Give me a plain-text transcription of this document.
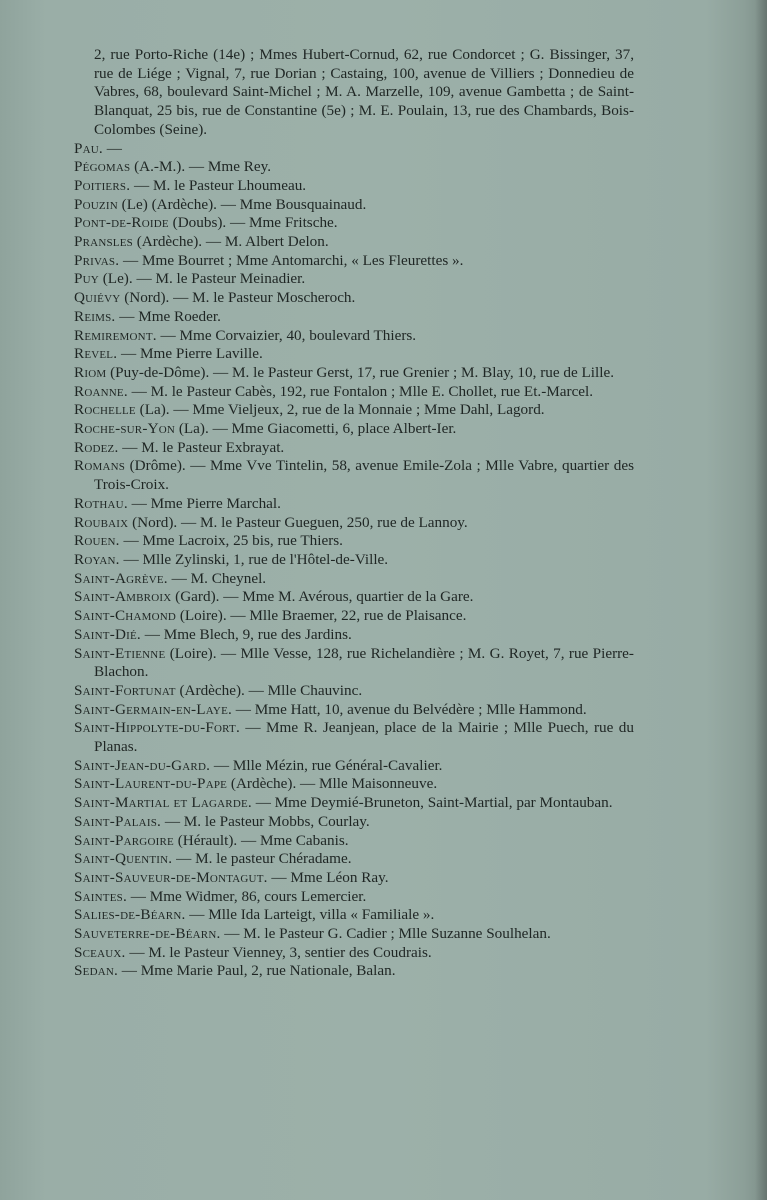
2, rue Porto-Riche (14e) ; Mmes Hubert-Cornud, 62, rue Condorcet ; G. Bissinger, 37, rue de Liége ; Vignal, 7, rue Dorian ; Castaing, 100, avenue de Villiers ; Donnedieu de Vabres, 68, boulevard Saint-Michel ; M. A. Marzelle, 109, avenue Gambetta ; de Saint-Blanquat, 25 bis, rue de Constantine (5e) ; M. E. Poulain, 13, rue des Chambards, Bois-Colombes (Seine).

Pau. —

Pégomas (A.-M.). — Mme Rey.

Poitiers. — M. le Pasteur Lhoumeau.

Pouzin (Le) (Ardèche). — Mme Bousquainaud.

Pont-de-Roide (Doubs). — Mme Fritsche.

Pransles (Ardèche). — M. Albert Delon.

Privas. — Mme Bourret ; Mme Antomarchi, « Les Fleurettes ».

Puy (Le). — M. le Pasteur Meinadier.

Quiévy (Nord). — M. le Pasteur Moscheroch.

Reims. — Mme Roeder.

Remiremont. — Mme Corvaizier, 40, boulevard Thiers.

Revel. — Mme Pierre Laville.

Riom (Puy-de-Dôme). — M. le Pasteur Gerst, 17, rue Grenier ; M. Blay, 10, rue de Lille.

Roanne. — M. le Pasteur Cabès, 192, rue Fontalon ; Mlle E. Chollet, rue Et.-Marcel.

Rochelle (La). — Mme Vieljeux, 2, rue de la Monnaie ; Mme Dahl, Lagord.

Roche-sur-Yon (La). — Mme Giacometti, 6, place Albert-Ier.

Rodez. — M. le Pasteur Exbrayat.

Romans (Drôme). — Mme Vve Tintelin, 58, avenue Emile-Zola ; Mlle Vabre, quartier des Trois-Croix.

Rothau. — Mme Pierre Marchal.

Roubaix (Nord). — M. le Pasteur Gueguen, 250, rue de Lannoy.

Rouen. — Mme Lacroix, 25 bis, rue Thiers.

Royan. — Mlle Zylinski, 1, rue de l'Hôtel-de-Ville.

Saint-Agrève. — M. Cheynel.

Saint-Ambroix (Gard). — Mme M. Avérous, quartier de la Gare.

Saint-Chamond (Loire). — Mlle Braemer, 22, rue de Plaisance.

Saint-Dié. — Mme Blech, 9, rue des Jardins.

Saint-Etienne (Loire). — Mlle Vesse, 128, rue Richelandière ; M. G. Royet, 7, rue Pierre-Blachon.

Saint-Fortunat (Ardèche). — Mlle Chauvinc.

Saint-Germain-en-Laye. — Mme Hatt, 10, avenue du Belvédère ; Mlle Hammond.

Saint-Hippolyte-du-Fort. — Mme R. Jeanjean, place de la Mairie ; Mlle Puech, rue du Planas.

Saint-Jean-du-Gard. — Mlle Mézin, rue Général-Cavalier.

Saint-Laurent-du-Pape (Ardèche). — Mlle Maisonneuve.

Saint-Martial et Lagarde. — Mme Deymié-Bruneton, Saint-Martial, par Montauban.

Saint-Palais. — M. le Pasteur Mobbs, Courlay.

Saint-Pargoire (Hérault). — Mme Cabanis.

Saint-Quentin. — M. le pasteur Chéradame.

Saint-Sauveur-de-Montagut. — Mme Léon Ray.

Saintes. — Mme Widmer, 86, cours Lemercier.

Salies-de-Béarn. — Mlle Ida Larteigt, villa « Familiale ».

Sauveterre-de-Béarn. — M. le Pasteur G. Cadier ; Mlle Suzanne Soulhelan.

Sceaux. — M. le Pasteur Vienney, 3, sentier des Coudrais.

Sedan. — Mme Marie Paul, 2, rue Nationale, Balan.
